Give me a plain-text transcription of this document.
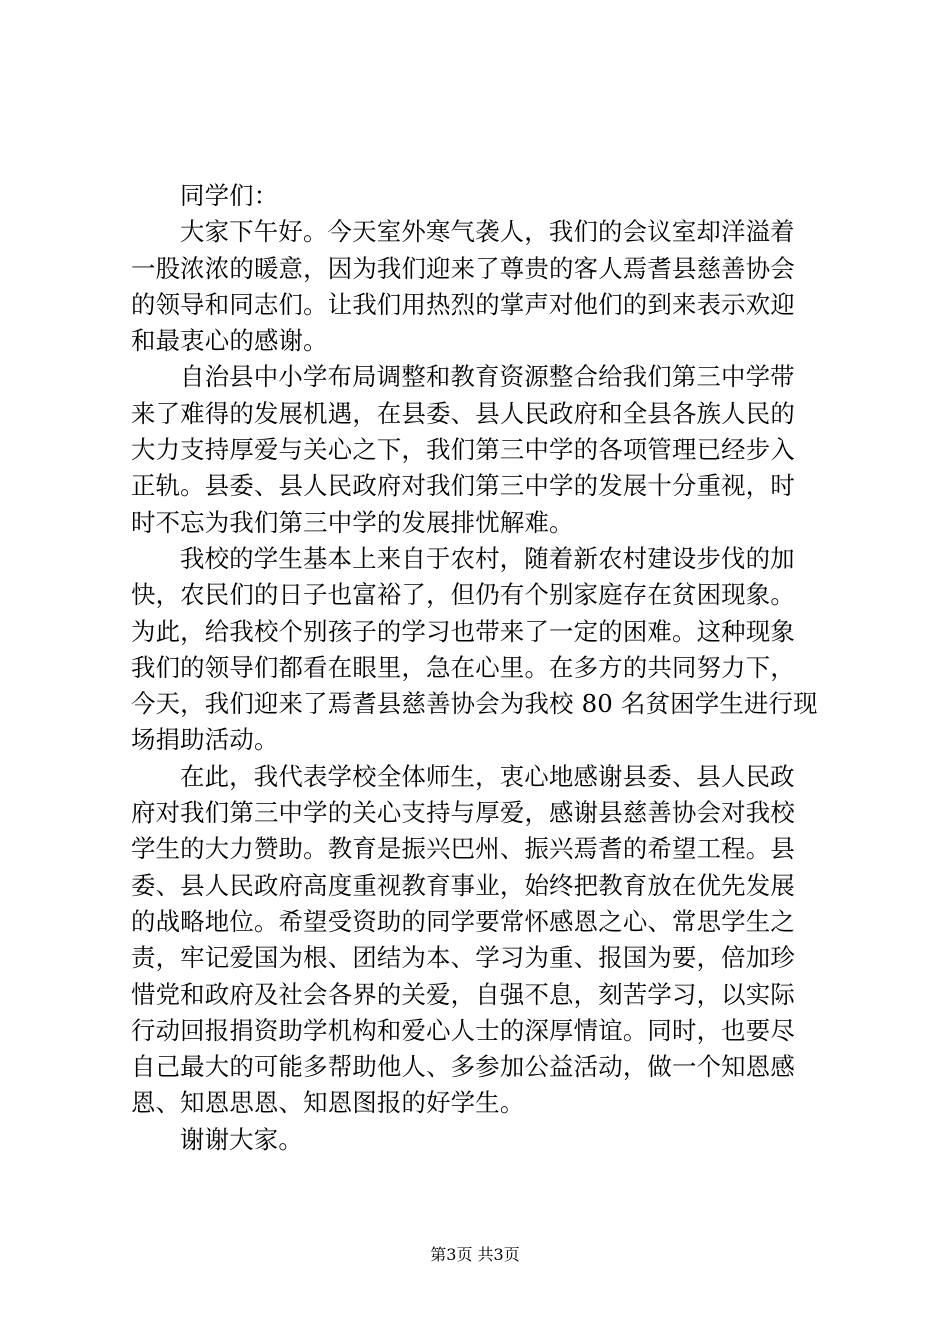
同学们：
大家下午好。今天室外寒气袭人，我们的会议室却洋溢着
一股浓浓的暖意，因为我们迎来了尊贵的客人焉耆县慈善协会
的领导和同志们。让我们用热烈的掌声对他们的到来表示欢迎
和最衷心的感谢。
自治县中小学布局调整和教育资源整合给我们第三中学带
来了难得的发展机遇，在县委、县人民政府和全县各族人民的
大力支持厚爱与关心之下，我们第三中学的各项管理已经步入
正轨。县委、县人民政府对我们第三中学的发展十分重视，时
时不忘为我们第三中学的发展排忧解难。
我校的学生基本上来自于农村，随着新农村建设步伐的加
快，农民们的日子也富裕了，但仍有个别家庭存在贫困现象。
为此，给我校个别孩子的学习也带来了一定的困难。这种现象
我们的领导们都看在眼里，急在心里。在多方的共同努力下，
今天，我们迎来了焉耆县慈善协会为我校 80 名贫困学生进行现
场捐助活动。
在此，我代表学校全体师生，衷心地感谢县委、县人民政
府对我们第三中学的关心支持与厚爱，感谢县慈善协会对我校
学生的大力赞助。教育是振兴巴州、振兴焉耆的希望工程。县
委、县人民政府高度重视教育事业，始终把教育放在优先发展
的战略地位。希望受资助的同学要常怀感恩之心、常思学生之
责，牢记爱国为根、团结为本、学习为重、报国为要，倍加珍
惜党和政府及社会各界的关爱，自强不息，刻苦学习，以实际
行动回报捐资助学机构和爱心人士的深厚情谊。同时，也要尽
自己最大的可能多帮助他人、多参加公益活动，做一个知恩感
恩、知恩思恩、知恩图报的好学生。
谢谢大家。
第3页 共3页
